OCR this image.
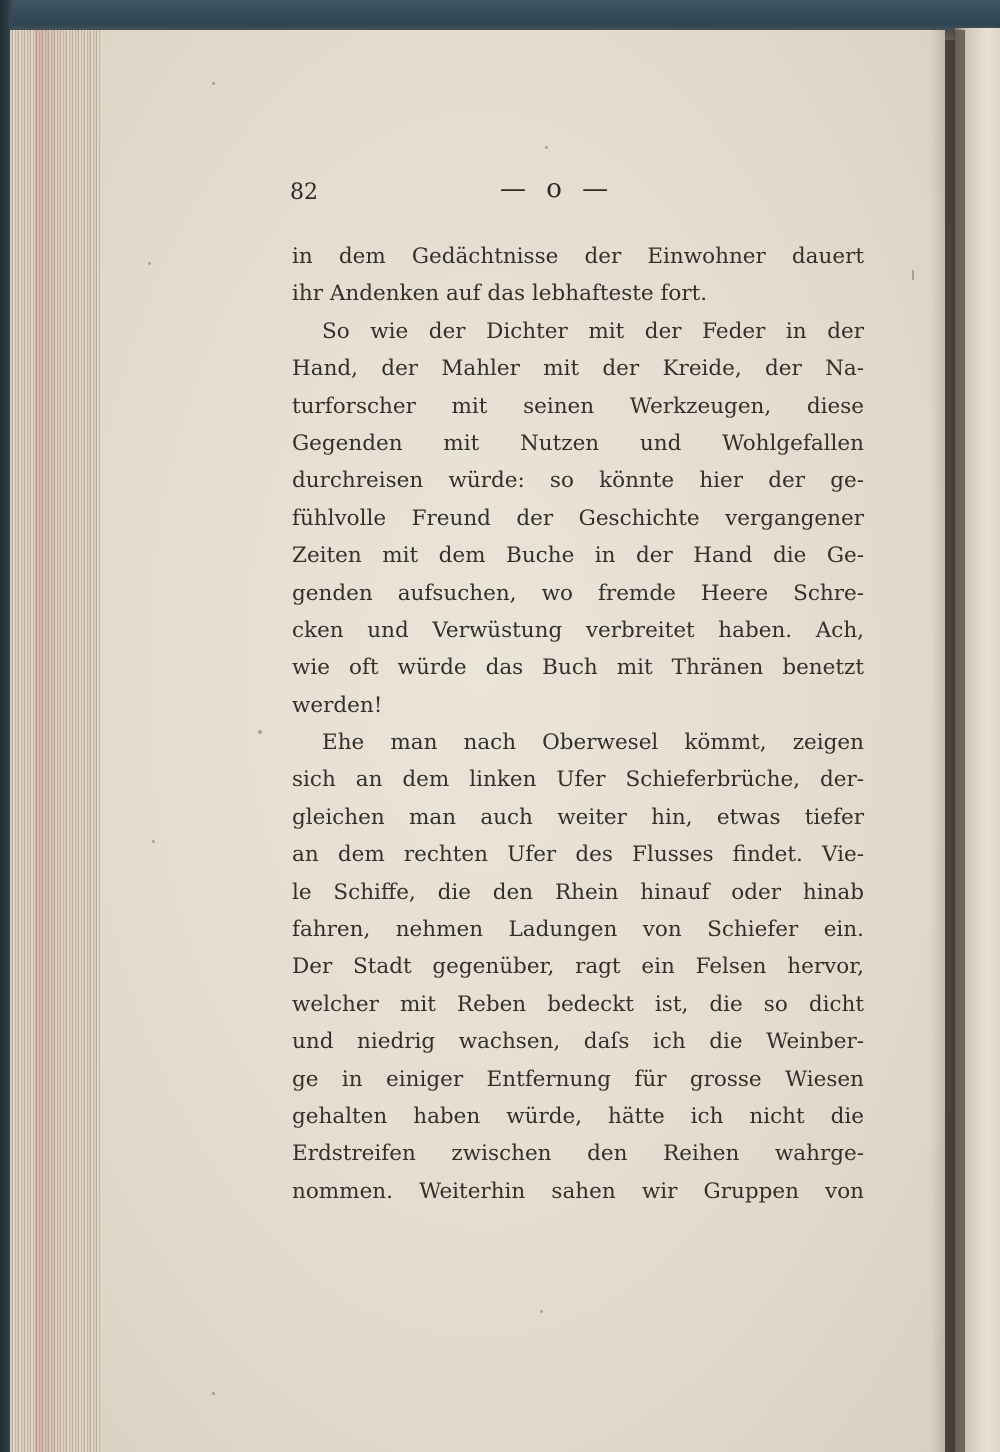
82	— o —
in dem Gedächtnisse der Einwohner dauert
ihr Andenken auf das lebhafteste fort.
So wie der Dichter mit der Feder in der
Hand, der Mahler mit der Kreide, der Na-
turforscher mit seinen Werkzeugen, diese
Gegenden mit Nutzen und Wohlgefallen
durchreisen würde: so könnte hier der ge-
fühlvolle Freund der Geschichte vergangener
Zeiten mit dem Buche in der Hand die Ge-
genden aufsuchen, wo fremde Heere Schre-
cken und Verwüstung verbreitet haben. Ach,
wie oft würde das Buch mit Thränen benetzt
werden!
Ehe man nach Oberwesel kömmt, zeigen
sich an dem linken Ufer Schieferbrüche, der-
gleichen man auch weiter hin, etwas tiefer
an dem rechten Ufer des Flusses findet. Vie-
le Schiffe, die den Rhein hinauf oder hinab
fahren, nehmen Ladungen von Schiefer ein.
Der Stadt gegenüber, ragt ein Felsen hervor,
welcher mit Reben bedeckt ist, die so dicht
und niedrig wachsen, daſs ich die Weinber-
ge in einiger Entfernung für grosse Wiesen
gehalten haben würde, hätte ich nicht die
Erdstreifen zwischen den Reihen wahrge-
nommen. Weiterhin sahen wir Gruppen von
